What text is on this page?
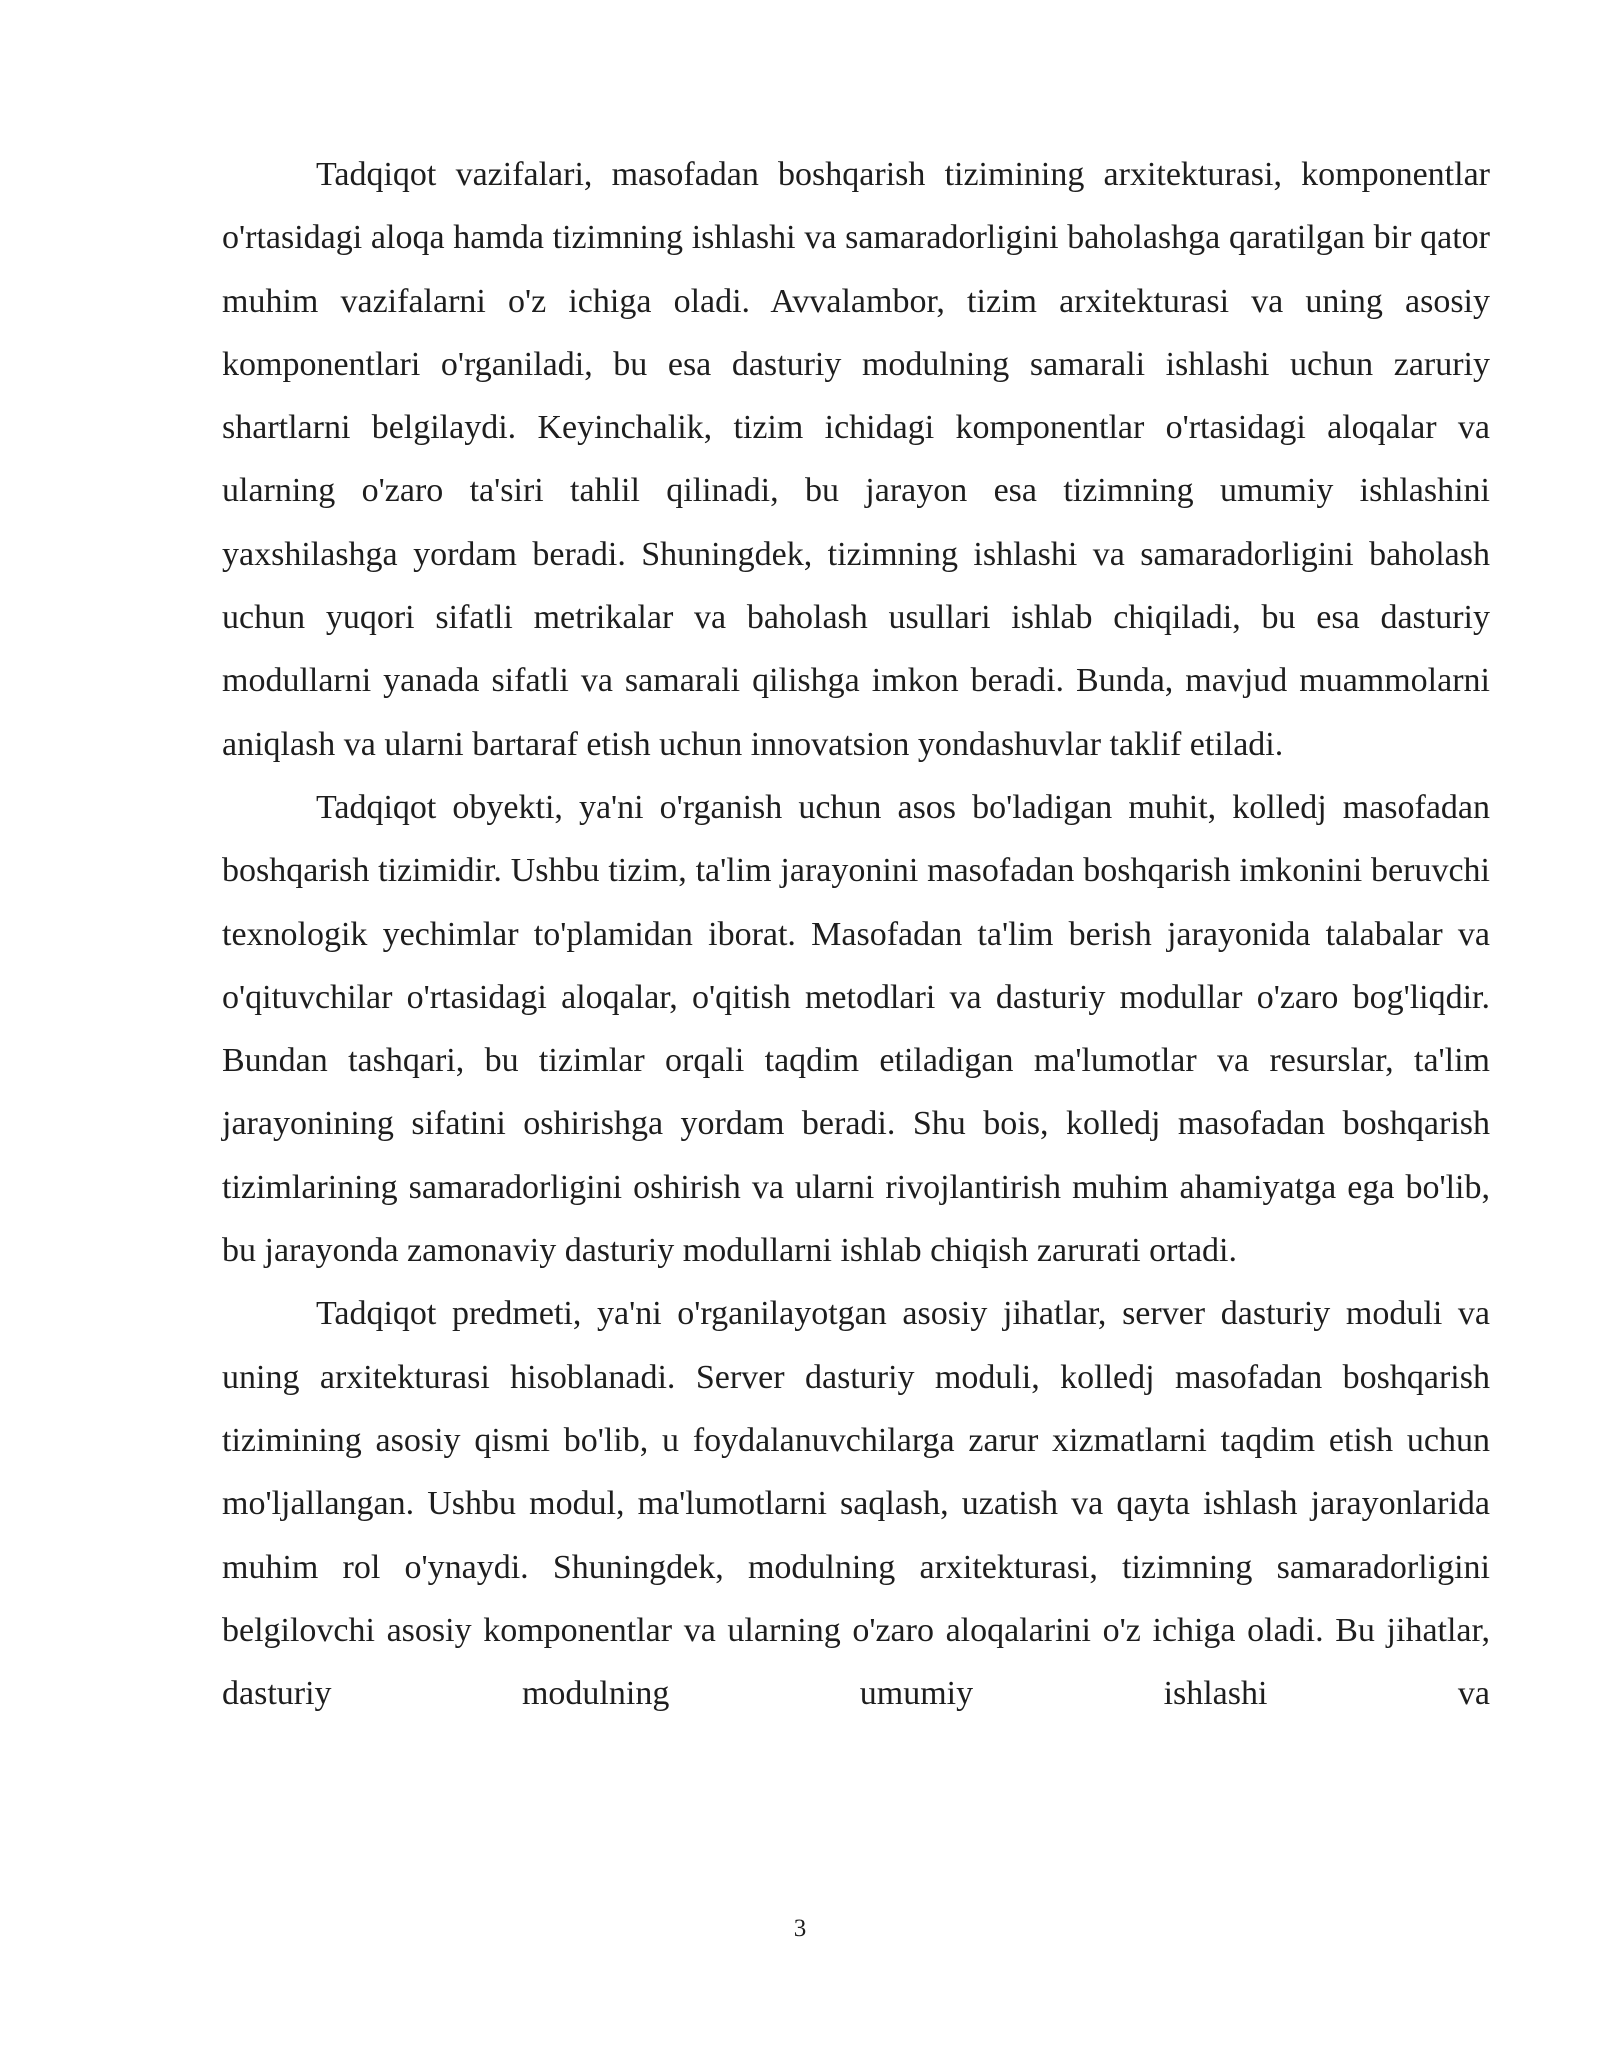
Tadqiqot vazifalari, masofadan boshqarish tizimining arxitekturasi, komponentlar o'rtasidagi aloqa hamda tizimning ishlashi va samaradorligini baholashga qaratilgan bir qator muhim vazifalarni o'z ichiga oladi. Avvalambor, tizim arxitekturasi va uning asosiy komponentlari o'rganiladi, bu esa dasturiy modulning samarali ishlashi uchun zaruriy shartlarni belgilaydi. Keyinchalik, tizim ichidagi komponentlar o'rtasidagi aloqalar va ularning o'zaro ta'siri tahlil qilinadi, bu jarayon esa tizimning umumiy ishlashini yaxshilashga yordam beradi. Shuningdek, tizimning ishlashi va samaradorligini baholash uchun yuqori sifatli metrikalar va baholash usullari ishlab chiqiladi, bu esa dasturiy modullarni yanada sifatli va samarali qilishga imkon beradi. Bunda, mavjud muammolarni aniqlash va ularni bartaraf etish uchun innovatsion yondashuvlar taklif etiladi.

Tadqiqot obyekti, ya'ni o'rganish uchun asos bo'ladigan muhit, kolledj masofadan boshqarish tizimidir. Ushbu tizim, ta'lim jarayonini masofadan boshqarish imkonini beruvchi texnologik yechimlar to'plamidan iborat. Masofadan ta'lim berish jarayonida talabalar va o'qituvchilar o'rtasidagi aloqalar, o'qitish metodlari va dasturiy modullar o'zaro bog'liqdir. Bundan tashqari, bu tizimlar orqali taqdim etiladigan ma'lumotlar va resurslar, ta'lim jarayonining sifatini oshirishga yordam beradi. Shu bois, kolledj masofadan boshqarish tizimlarining samaradorligini oshirish va ularni rivojlantirish muhim ahamiyatga ega bo'lib, bu jarayonda zamonaviy dasturiy modullarni ishlab chiqish zarurati ortadi.

Tadqiqot predmeti, ya'ni o'rganilayotgan asosiy jihatlar, server dasturiy moduli va uning arxitekturasi hisoblanadi. Server dasturiy moduli, kolledj masofadan boshqarish tizimining asosiy qismi bo'lib, u foydalanuvchilarga zarur xizmatlarni taqdim etish uchun mo'ljallangan. Ushbu modul, ma'lumotlarni saqlash, uzatish va qayta ishlash jarayonlarida muhim rol o'ynaydi. Shuningdek, modulning arxitekturasi, tizimning samaradorligini belgilovchi asosiy komponentlar va ularning o'zaro aloqalarini o'z ichiga oladi. Bu jihatlar, dasturiy modulning umumiy ishlashi va

3
